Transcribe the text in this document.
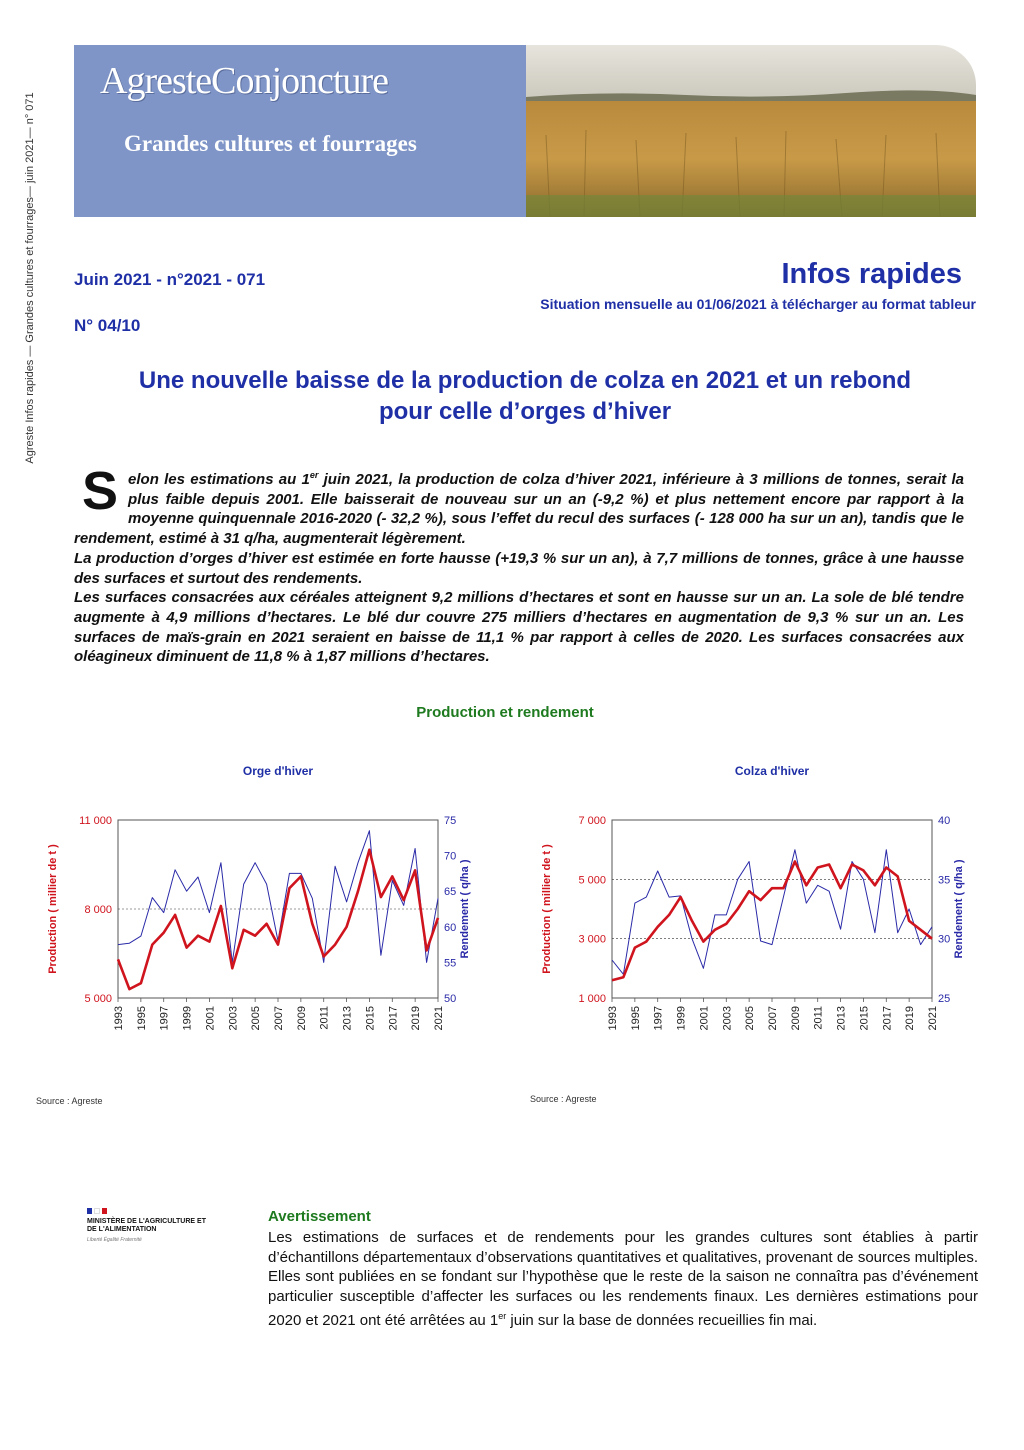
Agreste Infos rapides — Grandes cultures et fourrages— juin 2021— n° 071
AgresteConjoncture
Grandes cultures et fourrages
Juin 2021 - n°2021 - 071
N° 04/10
Infos rapides
Situation mensuelle au 01/06/2021 à télécharger au format tableur
Une nouvelle baisse de la production de colza en 2021 et un rebond
pour celle d’orges d’hiver
S elon les estimations au 1er juin 2021, la production de colza d’hiver 2021, inférieure à 3 millions de tonnes, serait la plus faible depuis 2001. Elle baisserait de nouveau sur un an (-9,2 %) et plus nettement encore par rapport à la moyenne quinquennale 2016-2020 (- 32,2 %), sous l’effet du recul des surfaces (- 128 000 ha sur un an), tandis que le rendement, estimé à 31 q/ha, augmenterait légèrement.
La production d’orges d’hiver est estimée en forte hausse (+19,3 % sur un an), à 7,7 millions de tonnes, grâce à une hausse des surfaces et surtout des rendements.
Les surfaces consacrées aux céréales atteignent 9,2 millions d’hectares et sont en hausse sur un an. La sole de blé tendre augmente à 4,9 millions d’hectares. Le blé dur couvre 275 milliers d’hectares en augmentation de 9,3 % sur un an. Les surfaces de maïs-grain en 2021 seraient en baisse de 11,1 % par rapport à celles de 2020. Les surfaces consacrées aux oléagineux diminuent de 11,8 % à 1,87 millions d’hectares.
Production et rendement
Orge d'hiver
5 000
8 000
11 000
50
55
60
65
70
75
1993 1995 1997 1999 2001 2003 2005 2007 2009 2011 2013 2015 2017 2019 2021
Production ( millier de t )	Rendement ( q/ha )
Colza d'hiver
1 000
3 000
5 000
7 000
25
30
35
40
1993 1995 1997 1999 2001 2003 2005 2007 2009 2011 2013 2015 2017 2019 2021
Production ( millier de t )	Rendement ( q/ha )
Source : Agreste	Source : Agreste
MINISTÈRE DE L'AGRICULTURE ET DE L'ALIMENTATION
Liberté Égalité Fraternité
Avertissement
Les estimations de surfaces et de rendements pour les grandes cultures sont établies à partir d’échantillons départementaux d’observations quantitatives et qualitatives, provenant de sources multiples. Elles sont publiées en se fondant sur l’hypothèse que le reste de la saison ne connaîtra pas d’événement particulier susceptible d’affecter les surfaces ou les rendements finaux. Les dernières estimations pour 2020 et 2021 ont été arrêtées au 1er juin sur la base de données recueillies fin mai.
